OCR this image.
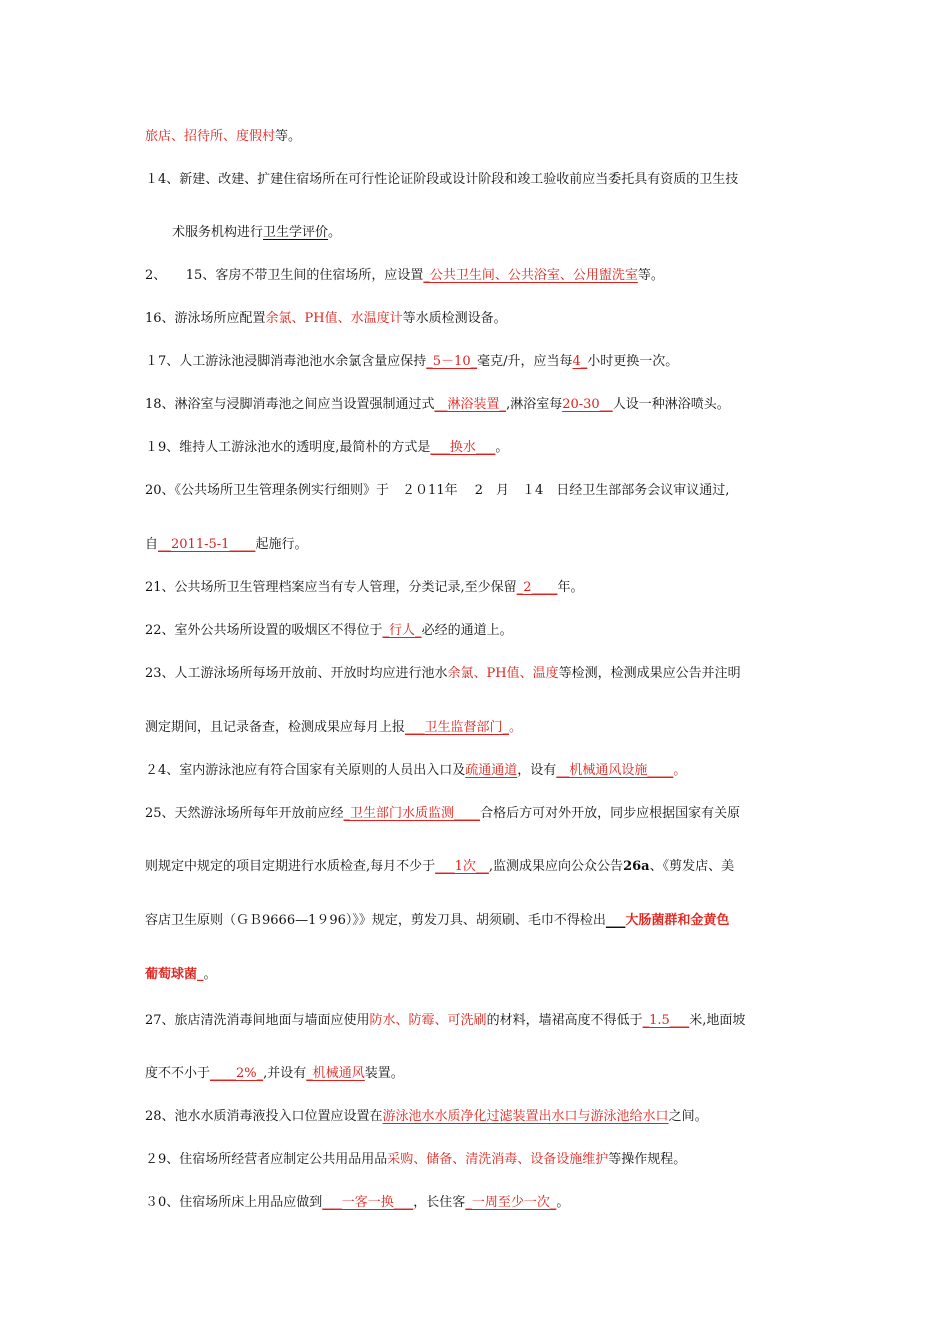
旅店、招待所、度假村等。
１4、新建、改建、扩建住宿场所在可行性论证阶段或设计阶段和竣工验收前应当委托具有资质的卫生技
术服务机构进行卫生学评价。
2、　　15、客房不带卫生间的住宿场所，应设置_公共卫生间、公共浴室、公用盥洗室等。
16、游泳场所应配置余氯、PH值、水温度计等水质检测设备。
１7、人工游泳池浸脚消毒池池水余氯含量应保持_5－10_毫克/升，应当每4_小时更换一次。
18、淋浴室与浸脚消毒池之间应当设置强制通过式__淋浴装置_,淋浴室每20-30__人设一种淋浴喷头。
１9、维持人工游泳池水的透明度,最简朴的方式是___换水___。
20、《公共场所卫生管理条例实行细则》于　２０11年　 2　月　１4　日经卫生部部务会议审议通过,
自__2011-5-1____起施行。
21、公共场所卫生管理档案应当有专人管理，分类记录,至少保留_2____年。
22、室外公共场所设置的吸烟区不得位于_行人_必经的通道上。
23、人工游泳场所每场开放前、开放时均应进行池水余氯、PH值、温度等检测，检测成果应公告并注明
测定期间，且记录备查，检测成果应每月上报___卫生监督部门_。
２4、室内游泳池应有符合国家有关原则的人员出入口及疏通通道，设有__机械通风设施____。
25、天然游泳场所每年开放前应经_卫生部门水质监测____合格后方可对外开放，同步应根据国家有关原
则规定中规定的项目定期进行水质检查,每月不少于___1次__,监测成果应向公众公告26a、《剪发店、美
容店卫生原则（ＧＢ9666—1９96）》》规定，剪发刀具、胡须刷、毛巾不得检出___大肠菌群和金黄色
葡萄球菌_。
27、旅店清洗消毒间地面与墙面应使用防水、防霉、可洗刷的材料，墙裙高度不得低于_1.5___米,地面坡
度不不小于____2%_,并设有_机械通风装置。
28、池水水质消毒液投入口位置应设置在游泳池水水质净化过滤装置出水口与游泳池给水口之间。
２9、住宿场所经营者应制定公共用品用品采购、储备、清洗消毒、设备设施维护等操作规程。
３0、住宿场所床上用品应做到___一客一换___，长住客_一周至少一次_。
